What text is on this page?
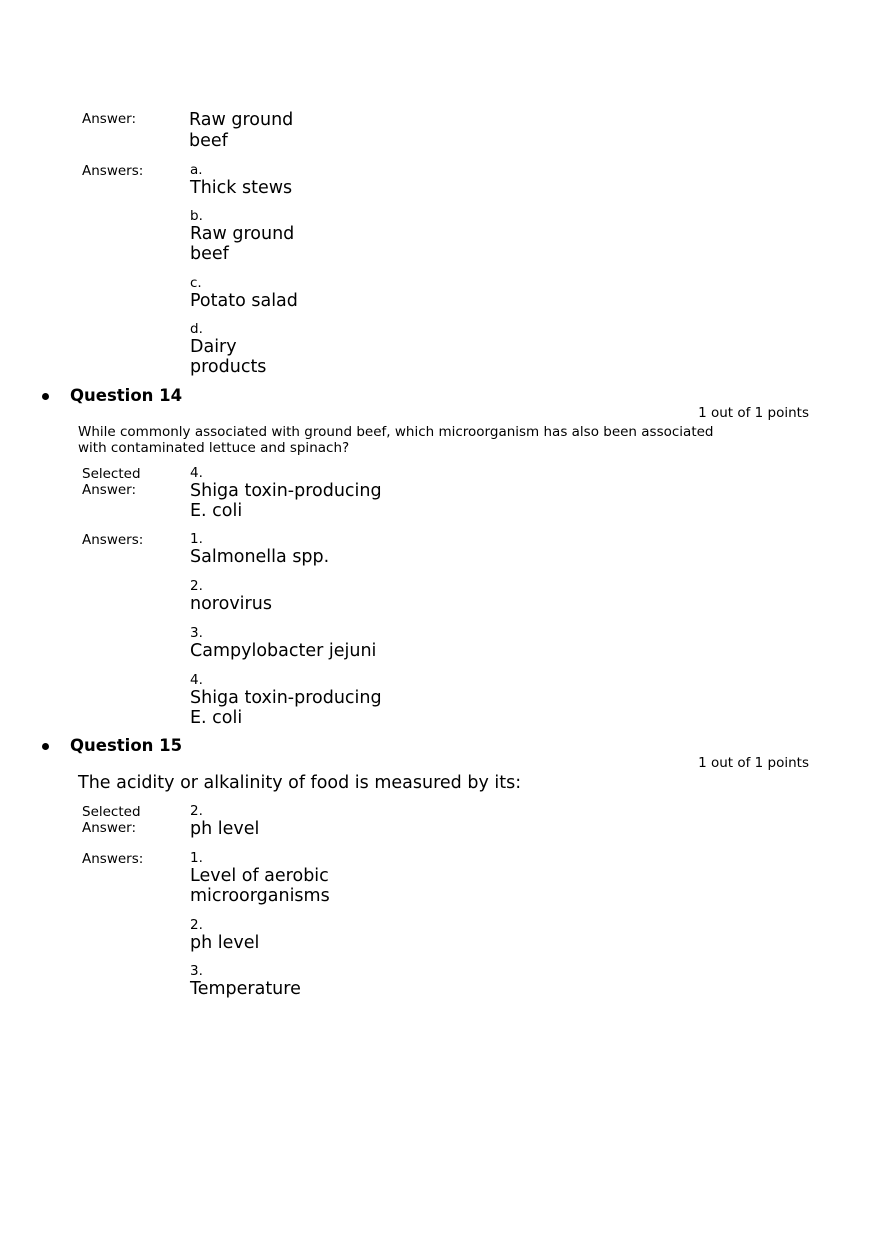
Answer:	Raw ground
beef
Answers:	a.
Thick stews
b.
Raw ground
beef
c.
Potato salad
d.
Dairy
products
Question 14
1 out of 1 points
While commonly associated with ground beef, which microorganism has also been associated with contaminated lettuce and spinach?
Selected
Answer:
4.
Shiga toxin-producing
E. coli
Answers:	1.
Salmonella spp.
2.
norovirus
3.
Campylobacter jejuni
4.
Shiga toxin-producing
E. coli
Question 15
1 out of 1 points
The acidity or alkalinity of food is measured by its:
Selected
Answer:
2.
ph level
Answers:	1.
Level of aerobic
microorganisms
2.
ph level
3.
Temperature
